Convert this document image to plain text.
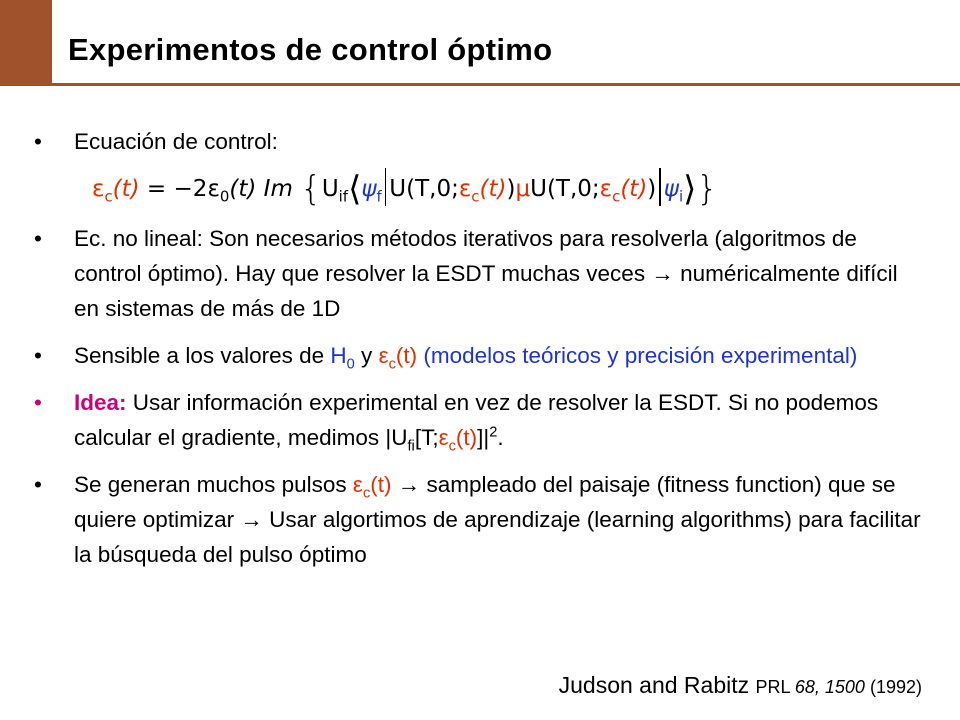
Experimentos de control óptimo
• Ecuación de control:
• Ec. no lineal: Son necesarios métodos iterativos para resolverla (algoritmos de control óptimo). Hay que resolver la ESDT muchas veces → numéricalmente difícil en sistemas de más de 1D
• Sensible a los valores de $H_0$ y $\varepsilon_c(t)$ (modelos teóricos y precisión experimental)
• Idea: Usar información experimental en vez de resolver la ESDT. Si no podemos calcular el gradiente, medimos $|U_{fi}[T;\varepsilon_c(t)]|^2$.
• Se generan muchos pulsos $\varepsilon_c(t)$ → sampleado del paisaje (fitness function) que se quiere optimizar → Usar algortimos de aprendizaje (learning algorithms) para facilitar la búsqueda del pulso óptimo
$\varepsilon_c(t) = -2\varepsilon_0(t)$ Im {$U_{if}⟨\psi_f$ $U(T,0;\varepsilon_c(t))\mu U(T,0;\varepsilon_c(t))$ $\psi_i⟩$}
Judson and Rabitz PRL 68, 1500 (1992)
